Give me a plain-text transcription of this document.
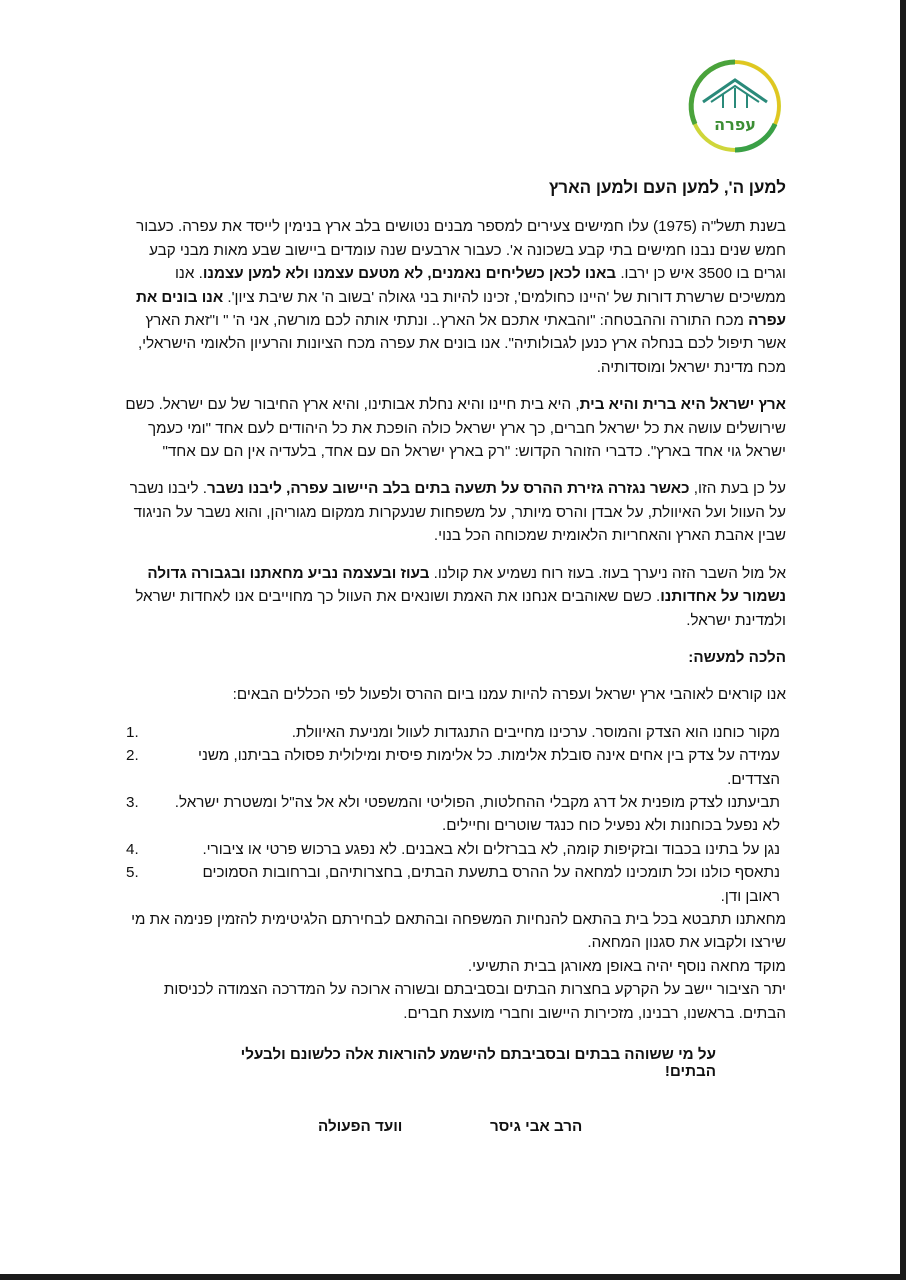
עפרה
למען ה', למען העם ולמען הארץ

בשנת תשל"ה (1975) עלו חמישים צעירים למספר מבנים נטושים בלב ארץ בנימין לייסד את עפרה. כעבור חמש שנים נבנו חמישים בתי קבע בשכונה א'. כעבור ארבעים שנה עומדים ביישוב שבע מאות מבני קבע וגרים בו 3500 איש כן ירבו. באנו לכאן כשליחים נאמנים, לא מטעם עצמנו ולא למען עצמנו. אנו ממשיכים שרשרת דורות של 'היינו כחולמים', זכינו להיות בני גאולה 'בשוב ה' את שיבת ציון'. אנו בונים את עפרה מכח התורה וההבטחה: "והבאתי אתכם אל הארץ.. ונתתי אותה לכם מורשה, אני ה' " ו"זאת הארץ אשר תיפול לכם בנחלה ארץ כנען לגבולותיה". אנו בונים את עפרה מכח הציונות והרעיון הלאומי הישראלי, מכח מדינת ישראל ומוסדותיה.

ארץ ישראל היא ברית והיא בית, היא בית חיינו והיא נחלת אבותינו, והיא ארץ החיבור של עם ישראל. כשם שירושלים עושה את כל ישראל חברים, כך ארץ ישראל כולה הופכת את כל היהודים לעם אחד "ומי כעמך ישראל גוי אחד בארץ". כדברי הזוהר הקדוש: "רק בארץ ישראל הם עם אחד, בלעדיה אין הם עם אחד"

על כן בעת הזו, כאשר נגזרה גזירת ההרס על תשעה בתים בלב היישוב עפרה, ליבנו נשבר. ליבנו נשבר על העוול ועל האיוולת, על אבדן והרס מיותר, על משפחות שנעקרות ממקום מגוריהן, והוא נשבר על הניגוד שבין אהבת הארץ והאחריות הלאומית שמכוחה הכל בנוי.

אל מול השבר הזה ניערך בעוז. בעוז רוח נשמיע את קולנו. בעוז ובעצמה נביע מחאתנו ובגבורה גדולה נשמור על אחדותנו. כשם שאוהבים אנחנו את האמת ושונאים את העוול כך מחוייבים אנו לאחדות ישראל ולמדינת ישראל.

הלכה למעשה:

אנו קוראים לאוהבי ארץ ישראל ועפרה להיות עמנו ביום ההרס ולפעול לפי הכללים הבאים:

מקור כוחנו הוא הצדק והמוסר. ערכינו מחייבים התנגדות לעוול ומניעת האיוולת.
1.
עמידה על צדק בין אחים אינה סובלת אלימות. כל אלימות פיסית ומילולית פסולה בביתנו, משני הצדדים.
2.
תביעתנו לצדק מופנית אל דרג מקבלי ההחלטות, הפוליטי והמשפטי ולא אל צה"ל ומשטרת ישראל. לא נפעל בכוחנות ולא נפעיל כוח כנגד שוטרים וחיילים.
3.
נגן על בתינו בכבוד ובזקיפות קומה, לא בברזלים ולא באבנים. לא נפגע ברכוש פרטי או ציבורי.
4.
נתאסף כולנו וכל תומכינו למחאה על ההרס בתשעת הבתים, בחצרותיהם, וברחובות הסמוכים ראובן ודן.
5.
מחאתנו תתבטא בכל בית בהתאם להנחיות המשפחה ובהתאם לבחירתם הלגיטימית להזמין פנימה את מי שירצו ולקבוע את סגנון המחאה.
מוקד מחאה נוסף יהיה באופן מאורגן בבית התשיעי.
יתר הציבור יישב על הקרקע בחצרות הבתים ובסביבתם ובשורה ארוכה על המדרכה הצמודה לכניסות הבתים. בראשנו, רבנינו, מזכירות היישוב וחברי מועצת חברים.
על מי ששוהה בבתים ובסביבתם להישמע להוראות אלה כלשונם ולבעלי הבתים!
הרב אבי גיסר
וועד הפעולה
